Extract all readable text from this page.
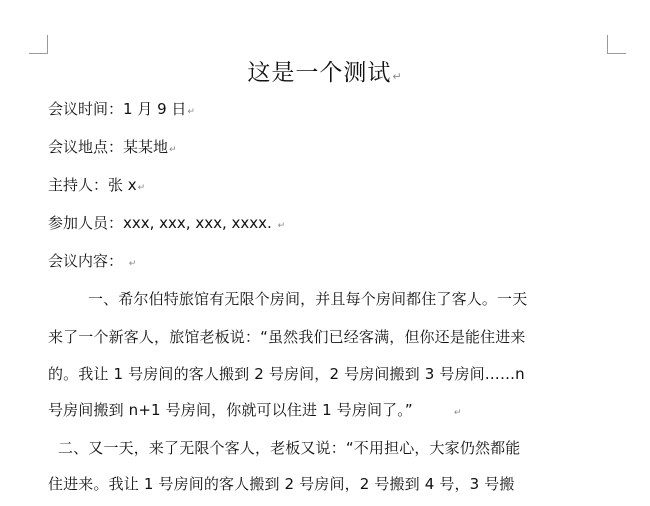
这是一个测试↵
会议时间：1 月 9 日↵
会议地点：某某地↵
主持人：张 x↵
参加人员：xxx, xxx, xxx, xxxx. ↵
会议内容： ↵
一、希尔伯特旅馆有无限个房间，并且每个房间都住了客人。一天
来了一个新客人，旅馆老板说：“虽然我们已经客满，但你还是能住进来
的。我让 1 号房间的客人搬到 2 号房间，2 号房间搬到 3 号房间……n
号房间搬到 n+1 号房间，你就可以住进 1 号房间了。”	↵
二、又一天，来了无限个客人，老板又说：“不用担心，大家仍然都能
住进来。我让 1 号房间的客人搬到 2 号房间，2 号搬到 4 号，3 号搬
